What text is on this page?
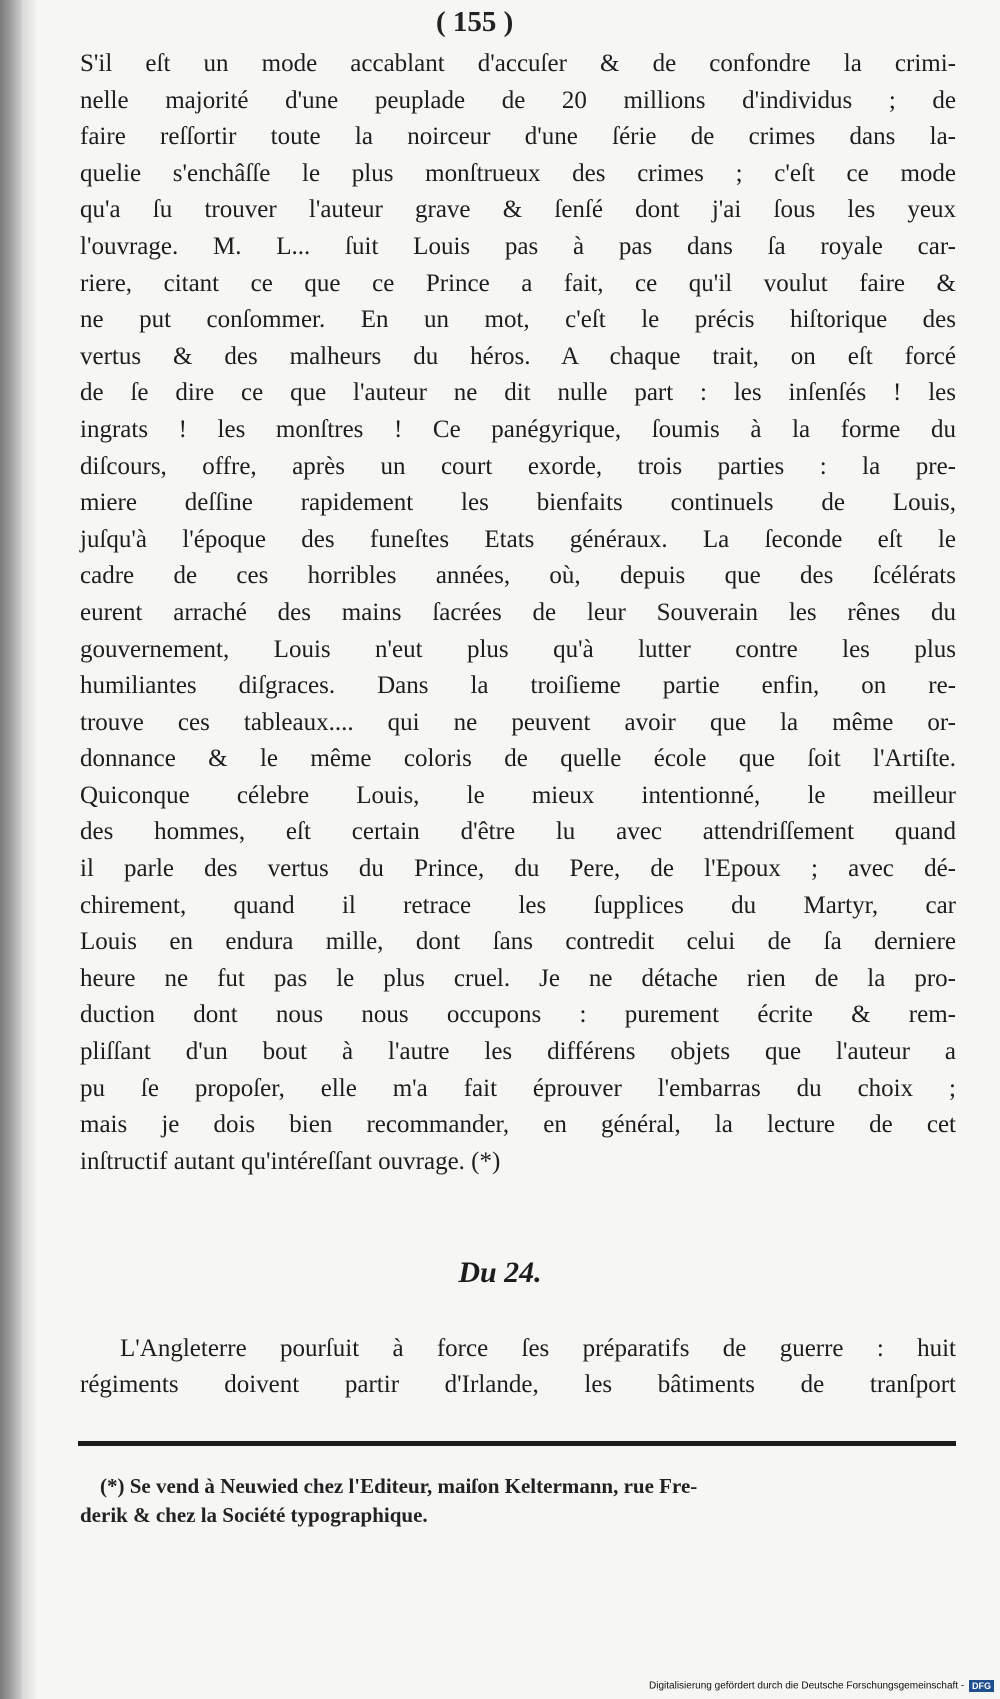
( 155 )
S'il eſt un mode accablant d'accuſer & de confondre la crimi-
nelle majorité d'une peuplade de 20 millions d'individus ; de
faire reſſortir toute la noirceur d'une ſérie de crimes dans la-
quelie s'enchâſſe le plus monſtrueux des crimes ; c'eſt ce mode
qu'a ſu trouver l'auteur grave & ſenſé dont j'ai ſous les yeux
l'ouvrage. M. L... ſuit Louis pas à pas dans ſa royale car-
riere, citant ce que ce Prince a fait, ce qu'il voulut faire &
ne put conſommer. En un mot, c'eſt le précis hiſtorique des
vertus & des malheurs du héros. A chaque trait, on eſt forcé
de ſe dire ce que l'auteur ne dit nulle part : les inſenſés ! les
ingrats ! les monſtres ! Ce panégyrique, ſoumis à la forme du
diſcours, offre, après un court exorde, trois parties : la pre-
miere deſſine rapidement les bienfaits continuels de Louis,
juſqu'à l'époque des funeſtes Etats généraux. La ſeconde eſt le
cadre de ces horribles années, où, depuis que des ſcélérats
eurent arraché des mains ſacrées de leur Souverain les rênes du
gouvernement, Louis n'eut plus qu'à lutter contre les plus
humiliantes diſgraces. Dans la troiſieme partie enfin, on re-
trouve ces tableaux.... qui ne peuvent avoir que la même or-
donnance & le même coloris de quelle école que ſoit l'Artiſte.
Quiconque célebre Louis, le mieux intentionné, le meilleur
des hommes, eſt certain d'être lu avec attendriſſement quand
il parle des vertus du Prince, du Pere, de l'Epoux ; avec dé-
chirement, quand il retrace les ſupplices du Martyr, car
Louis en endura mille, dont ſans contredit celui de ſa derniere
heure ne fut pas le plus cruel. Je ne détache rien de la pro-
duction dont nous nous occupons : purement écrite & rem-
pliſſant d'un bout à l'autre les différens objets que l'auteur a
pu ſe propoſer, elle m'a fait éprouver l'embarras du choix ;
mais je dois bien recommander, en général, la lecture de cet
inſtructif autant qu'intéreſſant ouvrage. (*)
Du 24.
L'Angleterre pourſuit à force ſes préparatifs de guerre : huit
régiments doivent partir d'Irlande, les bâtiments de tranſport
(*) Se vend à Neuwied chez l'Editeur, maiſon Keltermann, rue Fre-
derik & chez la Société typographique.
Digitalisierung gefördert durch die Deutsche Forschungsgemeinschaft - DFG
